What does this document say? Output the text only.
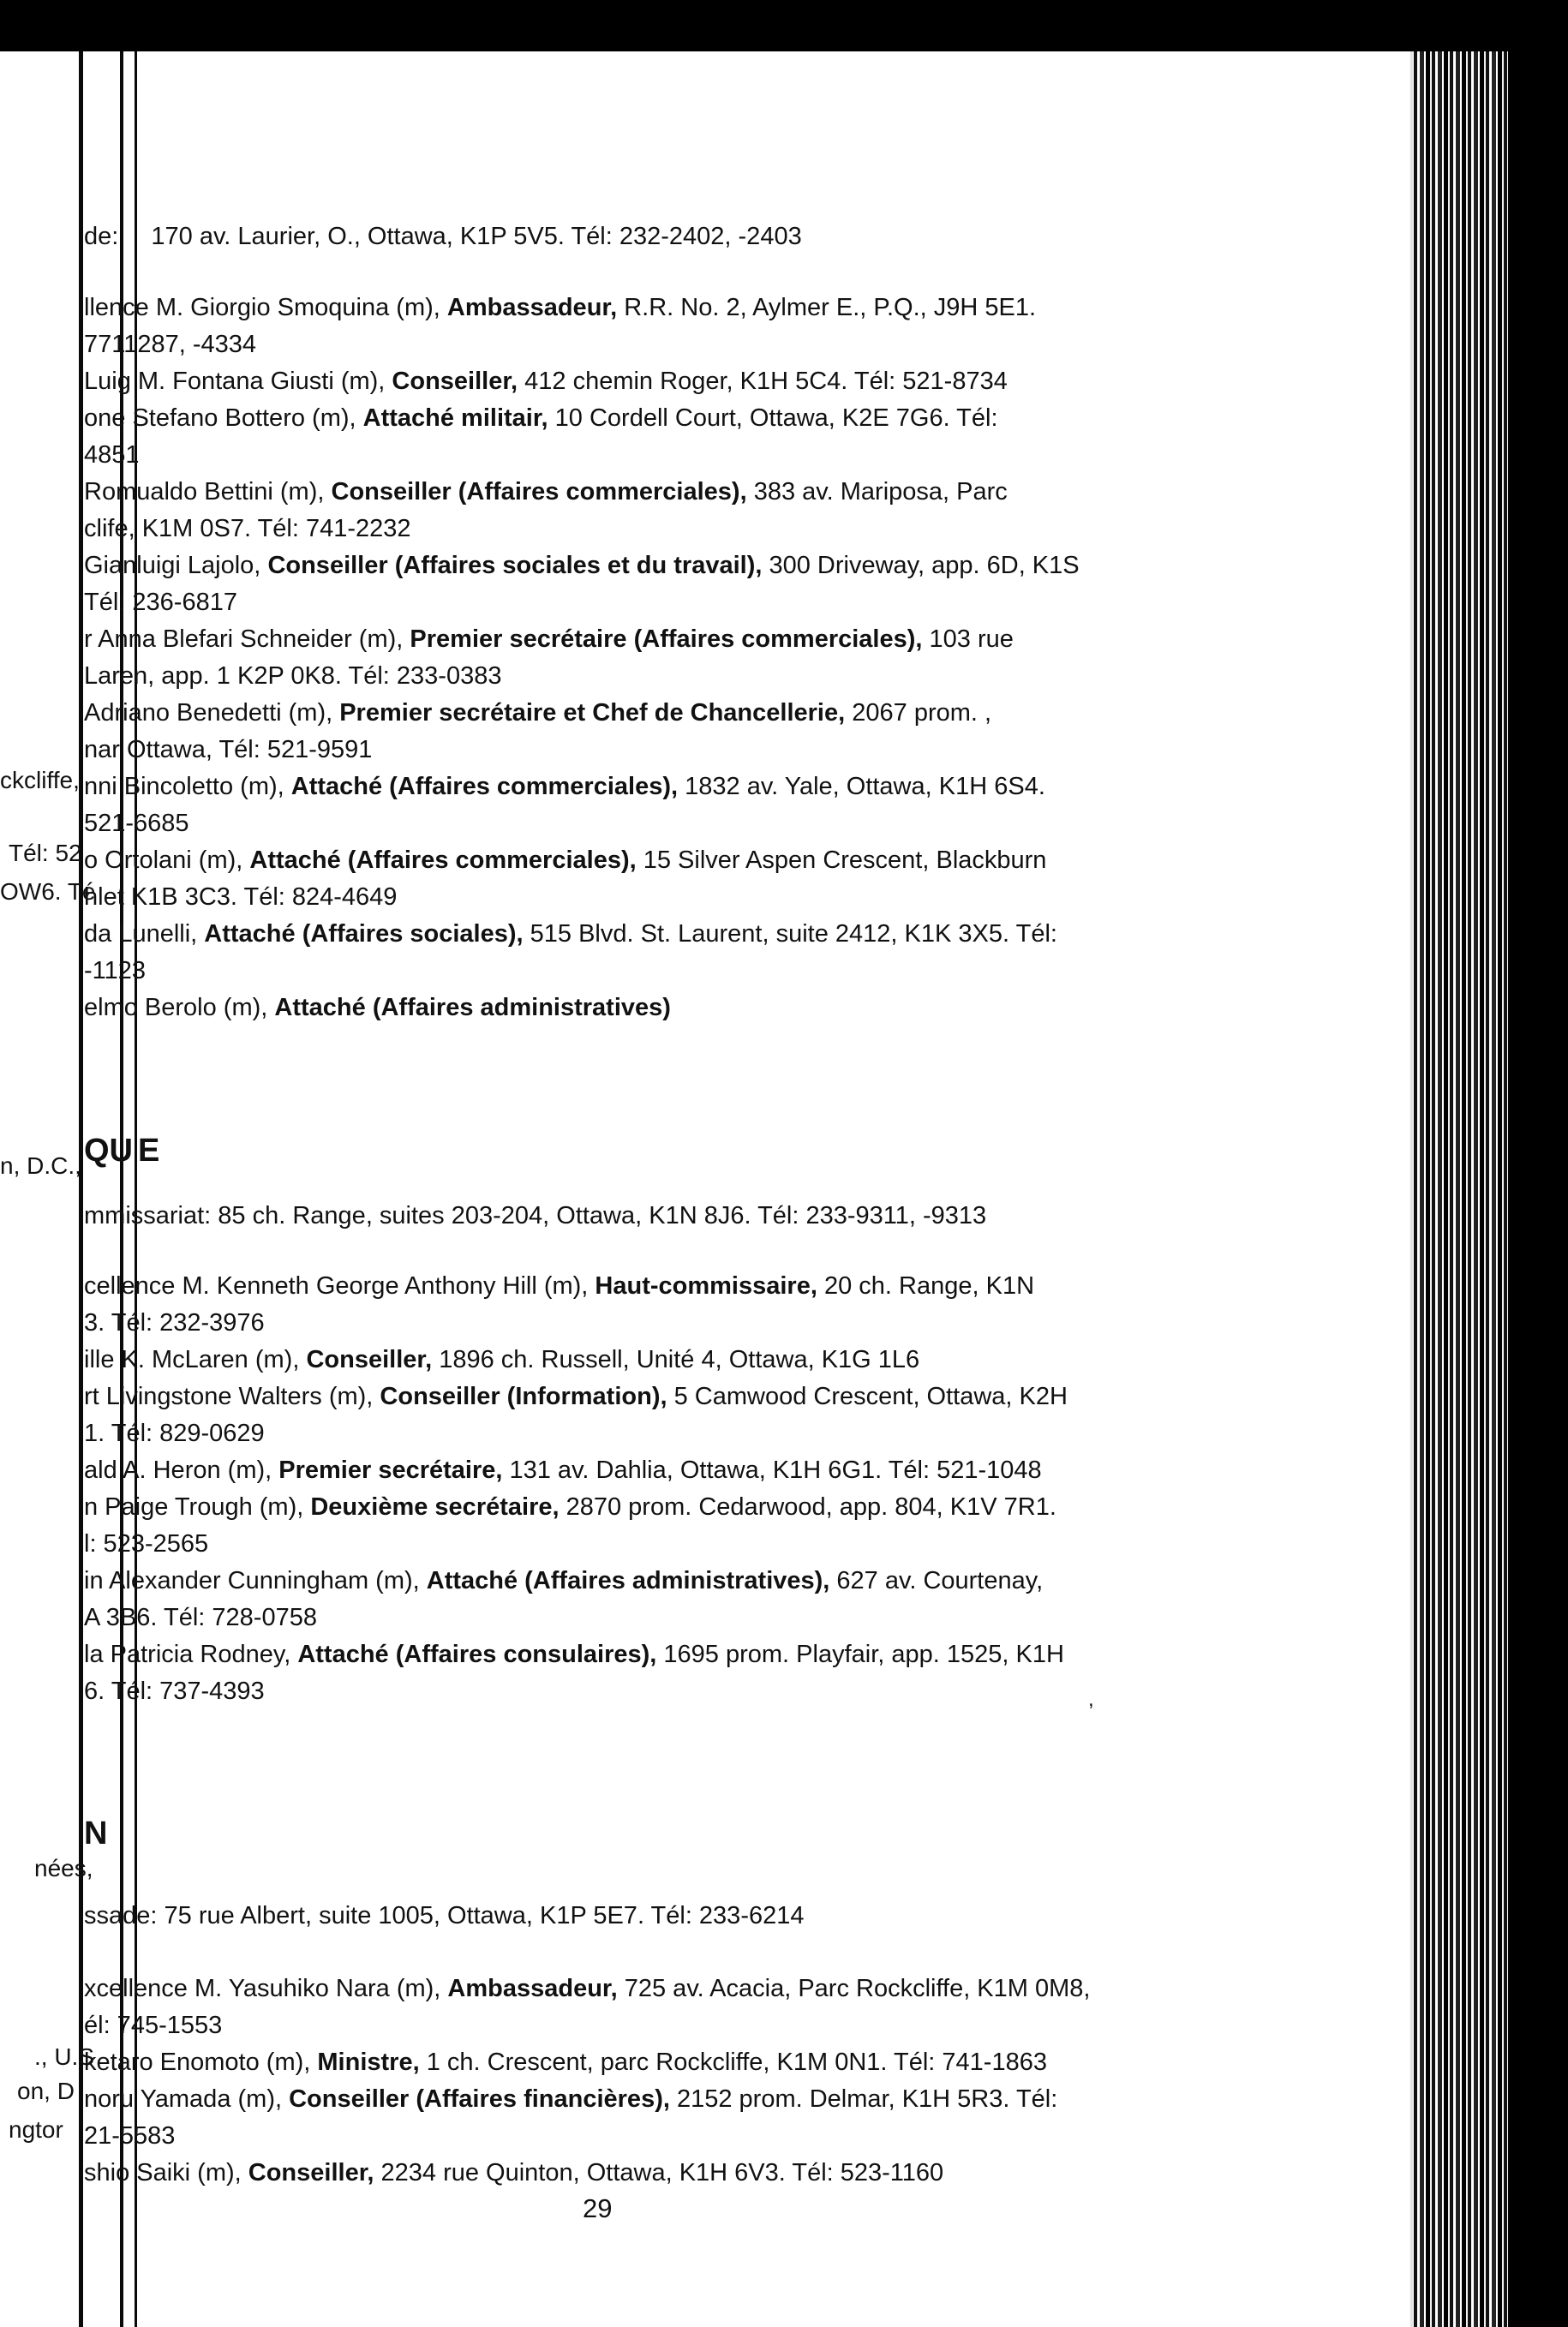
ckcliffe,
Tél: 52
OW6. Té
n, D.C.,
nées,
., U.S
on, D
ngtor
de: 170 av. Laurier, O., Ottawa, K1P 5V5. Tél: 232-2402, -2403
llence M. Giorgio Smoquina (m), Ambassadeur, R.R. No. 2, Aylmer E., P.Q., J9H 5E1.
7711287, -4334
Luig M. Fontana Giusti (m), Conseiller, 412 chemin Roger, K1H 5C4. Tél: 521-8734
one Stefano Bottero (m), Attaché militair, 10 Cordell Court, Ottawa, K2E 7G6. Tél:
4851
Romualdo Bettini (m), Conseiller (Affaires commerciales), 383 av. Mariposa, Parc
clife, K1M 0S7. Tél: 741-2232
Gianluigi Lajolo, Conseiller (Affaires sociales et du travail), 300 Driveway, app. 6D, K1S
Tél: 236-6817
r Anna Blefari Schneider (m), Premier secrétaire (Affaires commerciales), 103 rue
Laren, app. 1 K2P 0K8. Tél: 233-0383
Adriano Benedetti (m), Premier secrétaire et Chef de Chancellerie, 2067 prom. ,
nar Ottawa, Tél: 521-9591
nni Bincoletto (m), Attaché (Affaires commerciales), 1832 av. Yale, Ottawa, K1H 6S4.
521-6685
o Ortolani (m), Attaché (Affaires commerciales), 15 Silver Aspen Crescent, Blackburn
hlet K1B 3C3. Tél: 824-4649
da Lunelli, Attaché (Affaires sociales), 515 Blvd. St. Laurent, suite 2412, K1K 3X5. Tél:
-1123
elmo Berolo (m), Attaché (Affaires administratives)
QU E
mmissariat: 85 ch. Range, suites 203-204, Ottawa, K1N 8J6. Tél: 233-9311, -9313
cellence M. Kenneth George Anthony Hill (m), Haut-commissaire, 20 ch. Range, K1N
3. Tél: 232-3976
ille K. McLaren (m), Conseiller, 1896 ch. Russell, Unité 4, Ottawa, K1G 1L6
rt Livingstone Walters (m), Conseiller (Information), 5 Camwood Crescent, Ottawa, K2H
1. Tél: 829-0629
ald A. Heron (m), Premier secrétaire, 131 av. Dahlia, Ottawa, K1H 6G1. Tél: 521-1048
n Paige Trough (m), Deuxième secrétaire, 2870 prom. Cedarwood, app. 804, K1V 7R1.
l: 523-2565
in Alexander Cunningham (m), Attaché (Affaires administratives), 627 av. Courtenay,
A 3B6. Tél: 728-0758
la Patricia Rodney, Attaché (Affaires consulaires), 1695 prom. Playfair, app. 1525, K1H
6. Tél: 737-4393
N
ssade: 75 rue Albert, suite 1005, Ottawa, K1P 5E7. Tél: 233-6214
xcellence M. Yasuhiko Nara (m), Ambassadeur, 725 av. Acacia, Parc Rockcliffe, K1M 0M8,
él: 745-1553
ketaro Enomoto (m), Ministre, 1 ch. Crescent, parc Rockcliffe, K1M 0N1. Tél: 741-1863
noru Yamada (m), Conseiller (Affaires financières), 2152 prom. Delmar, K1H 5R3. Tél:
21-5583
shio Saiki (m), Conseiller, 2234 rue Quinton, Ottawa, K1H 6V3. Tél: 523-1160
29
,
